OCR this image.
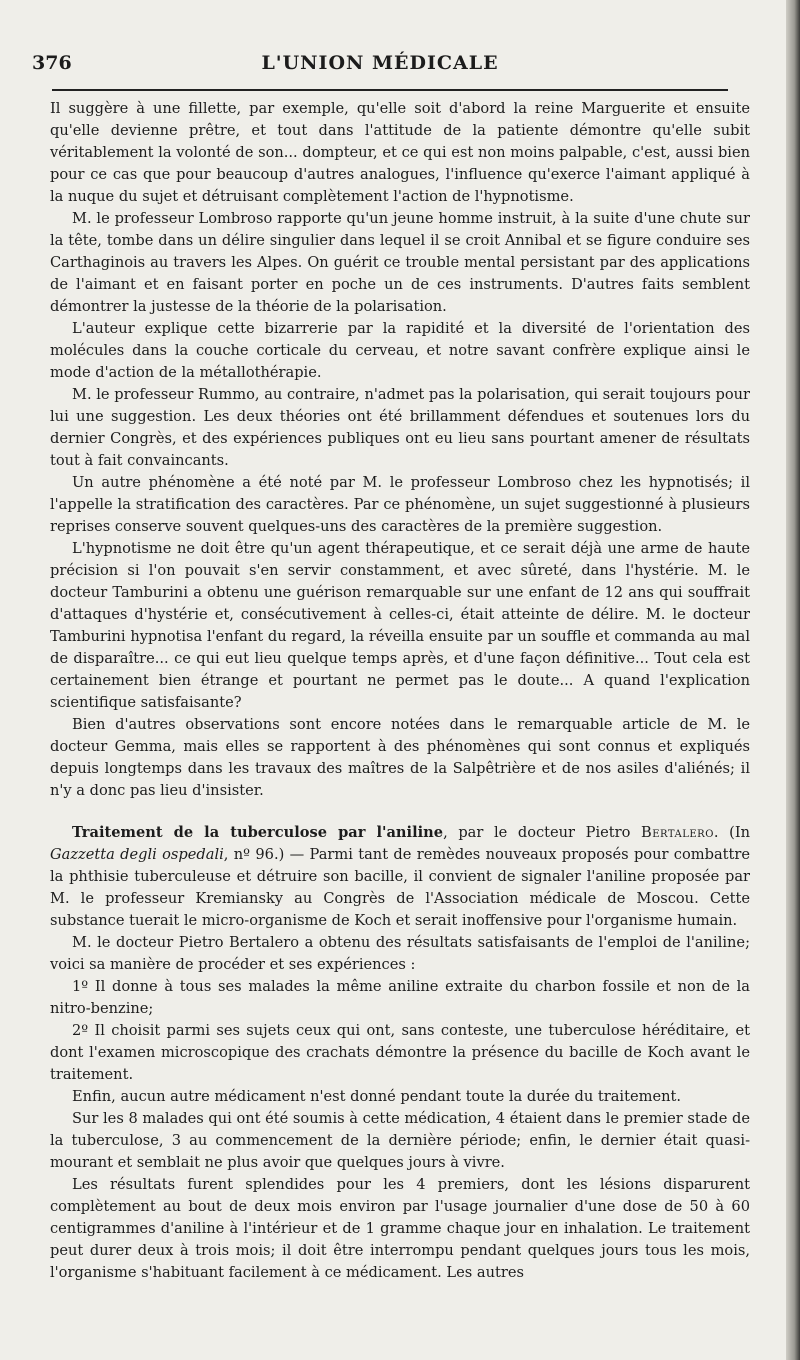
376	L'UNION MÉDICALE

Il suggère à une fillette, par exemple, qu'elle soit d'abord la reine Marguerite et ensuite qu'elle devienne prêtre, et tout dans l'attitude de la patiente démontre qu'elle subit véritablement la volonté de son... dompteur, et ce qui est non moins palpable, c'est, aussi bien pour ce cas que pour beaucoup d'autres analogues, l'influence qu'exerce l'aimant appliqué à la nuque du sujet et détruisant complètement l'action de l'hypnotisme.

M. le professeur Lombroso rapporte qu'un jeune homme instruit, à la suite d'une chute sur la tête, tombe dans un délire singulier dans lequel il se croit Annibal et se figure conduire ses Carthaginois au travers les Alpes. On guérit ce trouble mental persistant par des applications de l'aimant et en faisant porter en poche un de ces instruments. D'autres faits semblent démontrer la justesse de la théorie de la polarisation.

L'auteur explique cette bizarrerie par la rapidité et la diversité de l'orientation des molécules dans la couche corticale du cerveau, et notre savant confrère explique ainsi le mode d'action de la métallothérapie.

M. le professeur Rummo, au contraire, n'admet pas la polarisation, qui serait toujours pour lui une suggestion. Les deux théories ont été brillamment défendues et soutenues lors du dernier Congrès, et des expériences publiques ont eu lieu sans pourtant amener de résultats tout à fait convaincants.

Un autre phénomène a été noté par M. le professeur Lombroso chez les hypnotisés; il l'appelle la stratification des caractères. Par ce phénomène, un sujet suggestionné à plusieurs reprises conserve souvent quelques-uns des caractères de la première suggestion.

L'hypnotisme ne doit être qu'un agent thérapeutique, et ce serait déjà une arme de haute précision si l'on pouvait s'en servir constamment, et avec sûreté, dans l'hystérie. M. le docteur Tamburini a obtenu une guérison remarquable sur une enfant de 12 ans qui souffrait d'attaques d'hystérie et, consécutivement à celles-ci, était atteinte de délire. M. le docteur Tamburini hypnotisa l'enfant du regard, la réveilla ensuite par un souffle et commanda au mal de disparaître... ce qui eut lieu quelque temps après, et d'une façon définitive... Tout cela est certainement bien étrange et pourtant ne permet pas le doute... A quand l'explication scientifique satisfaisante?

Bien d'autres observations sont encore notées dans le remarquable article de M. le docteur Gemma, mais elles se rapportent à des phénomènes qui sont connus et expliqués depuis longtemps dans les travaux des maîtres de la Salpêtrière et de nos asiles d'aliénés; il n'y a donc pas lieu d'insister.

Traitement de la tuberculose par l'aniline, par le docteur Pietro Bertalero. (In Gazzetta degli ospedali, nº 96.) — Parmi tant de remèdes nouveaux proposés pour combattre la phthisie tuberculeuse et détruire son bacille, il convient de signaler l'aniline proposée par M. le professeur Kremiansky au Congrès de l'Association médicale de Moscou. Cette substance tuerait le micro-organisme de Koch et serait inoffensive pour l'organisme humain.

M. le docteur Pietro Bertalero a obtenu des résultats satisfaisants de l'emploi de l'aniline; voici sa manière de procéder et ses expériences :

1º Il donne à tous ses malades la même aniline extraite du charbon fossile et non de la nitro-benzine;

2º Il choisit parmi ses sujets ceux qui ont, sans conteste, une tuberculose héréditaire, et dont l'examen microscopique des crachats démontre la présence du bacille de Koch avant le traitement.

Enfin, aucun autre médicament n'est donné pendant toute la durée du traitement.

Sur les 8 malades qui ont été soumis à cette médication, 4 étaient dans le premier stade de la tuberculose, 3 au commencement de la dernière période; enfin, le dernier était quasi-mourant et semblait ne plus avoir que quelques jours à vivre.

Les résultats furent splendides pour les 4 premiers, dont les lésions disparurent complètement au bout de deux mois environ par l'usage journalier d'une dose de 50 à 60 centigrammes d'aniline à l'intérieur et de 1 gramme chaque jour en inhalation. Le traitement peut durer deux à trois mois; il doit être interrompu pendant quelques jours tous les mois, l'organisme s'habituant facilement à ce médicament. Les autres
